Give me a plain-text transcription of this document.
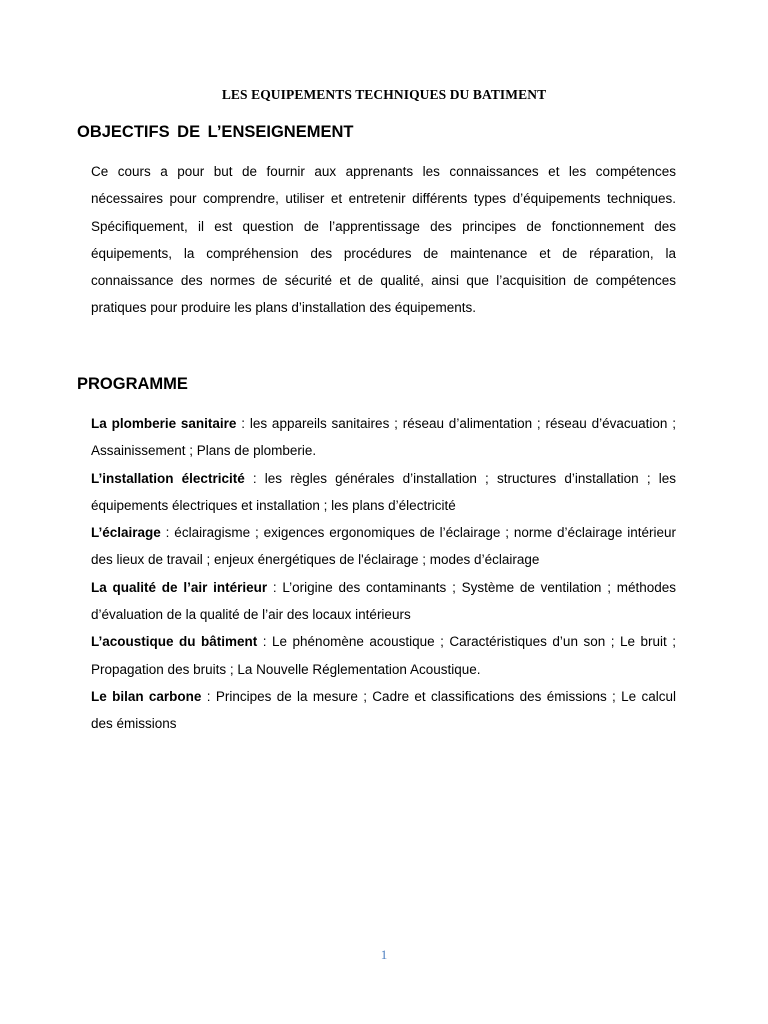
LES EQUIPEMENTS TECHNIQUES DU BATIMENT
OBJECTIFS DE L’ENSEIGNEMENT

Ce cours a pour but de fournir aux apprenants les connaissances et les compétences nécessaires pour comprendre, utiliser et entretenir différents types d’équipements techniques. Spécifiquement, il est question de l’apprentissage des principes de fonctionnement des équipements, la compréhension des procédures de maintenance et de réparation, la connaissance des normes de sécurité et de qualité, ainsi que l’acquisition de compétences pratiques pour produire les plans d’installation des équipements.

PROGRAMME
La plomberie sanitaire : les appareils sanitaires ; réseau d’alimentation ; réseau d’évacuation ; Assainissement ; Plans de plomberie.
L’installation électricité : les règles générales d’installation ; structures d’installation ; les équipements électriques et installation ; les plans d’électricité
L’éclairage : éclairagisme ; exigences ergonomiques de l’éclairage ; norme d’éclairage intérieur des lieux de travail ; enjeux énergétiques de l'éclairage ; modes d’éclairage
La qualité de l’air intérieur : L’origine des contaminants ; Système de ventilation ; méthodes d’évaluation de la qualité de l’air des locaux intérieurs
L’acoustique du bâtiment : Le phénomène acoustique ; Caractéristiques d’un son ; Le bruit ; Propagation des bruits ; La Nouvelle Réglementation Acoustique.
Le bilan carbone : Principes de la mesure ; Cadre et classifications des émissions ; Le calcul des émissions
1
